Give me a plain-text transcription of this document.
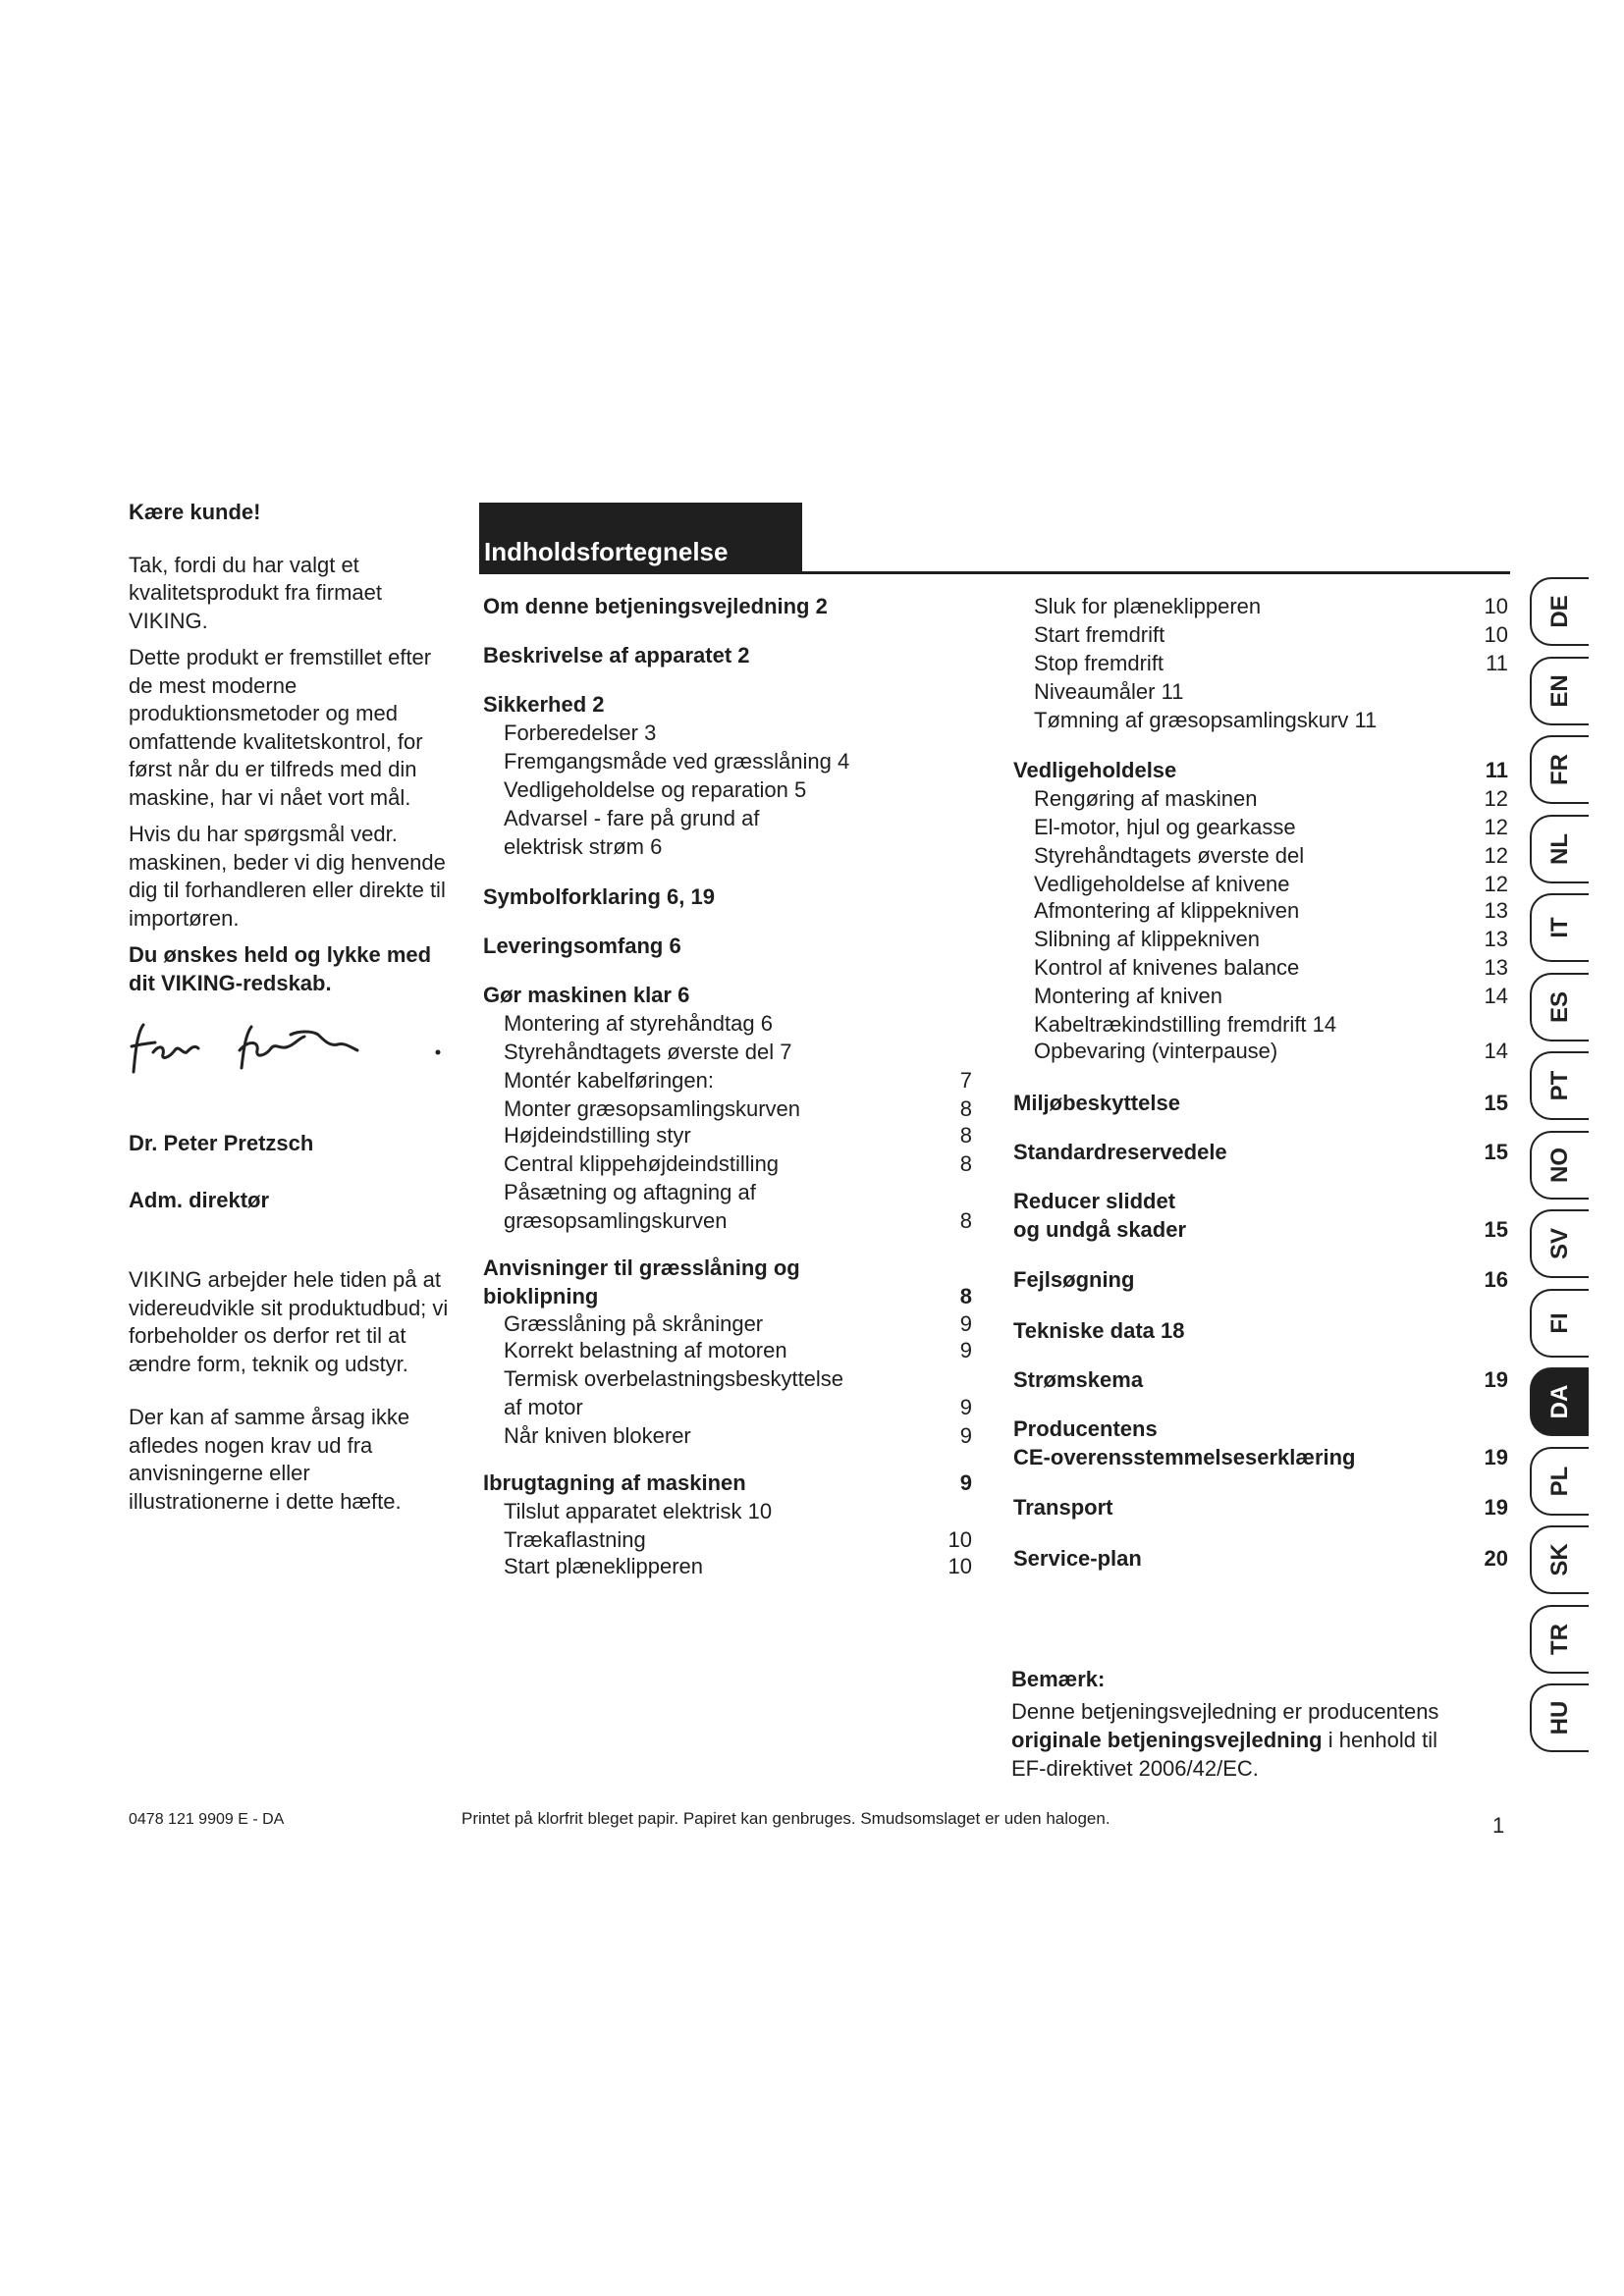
Kære kunde!

Tak, fordi du har valgt et kvalitetsprodukt fra firmaet VIKING.

Dette produkt er fremstillet efter de mest moderne produktionsmetoder og med omfattende kvalitetskontrol, for først når du er tilfreds med din maskine, har vi nået vort mål.

Hvis du har spørgsmål vedr. maskinen, beder vi dig henvende dig til forhandleren eller direkte til importøren.

Du ønskes held og lykke med dit VIKING-redskab.

Dr. Peter Pretzsch
Adm. direktør

VIKING arbejder hele tiden på at videreudvikle sit produktudbud; vi forbeholder os derfor ret til at ændre form, teknik og udstyr.

Der kan af samme årsag ikke afledes nogen krav ud fra anvisningerne eller illustrationerne i dette hæfte.

Indholdsfortegnelse
Om denne betjeningsvejledning 2
Beskrivelse af apparatet 2
Sikkerhed 2
Forberedelser 3
Fremgangsmåde ved græsslåning 4
Vedligeholdelse og reparation 5
Advarsel - fare på grund af
elektrisk strøm 6
Symbolforklaring 6, 19
Leveringsomfang 6
Gør maskinen klar 6
Montering af styrehåndtag 6
Styrehåndtagets øverste del 7
Montér kabelføringen:	7
Monter græsopsamlingskurven	8
Højdeindstilling styr	8
Central klippehøjdeindstilling	8
Påsætning og aftagning af
græsopsamlingskurven	8
Anvisninger til græsslåning og
bioklipning	8
Græsslåning på skråninger	9
Korrekt belastning af motoren	9
Termisk overbelastningsbeskyttelse
af motor	9
Når kniven blokerer	9
Ibrugtagning af maskinen	9
Tilslut apparatet elektrisk 10
Trækaflastning	10
Start plæneklipperen	10
Sluk for plæneklipperen	10
Start fremdrift	10
Stop fremdrift	11
Niveaumåler 11
Tømning af græsopsamlingskurv 11
Vedligeholdelse	11
Rengøring af maskinen	12
El-motor, hjul og gearkasse	12
Styrehåndtagets øverste del	12
Vedligeholdelse af knivene	12
Afmontering af klippekniven	13
Slibning af klippekniven	13
Kontrol af knivenes balance	13
Montering af kniven	14
Kabeltrækindstilling fremdrift 14
Opbevaring (vinterpause)	14
Miljøbeskyttelse	15
Standardreservedele	15
Reducer sliddet
og undgå skader	15
Fejlsøgning	16
Tekniske data 18
Strømskema	19
Producentens
CE-overensstemmelseserklæring	19
Transport	19
Service-plan	20
DE
EN
FR
NL
IT
ES
PT
NO
SV
FI
DA
PL
SK
TR
HU
Bemærk:
Denne betjeningsvejledning er producentens
originale betjeningsvejledning i henhold til
EF-direktivet 2006/42/EC.
0478 121 9909 E - DA	Printet på klorfrit bleget papir. Papiret kan genbruges. Smudsomslaget er uden halogen.	1
